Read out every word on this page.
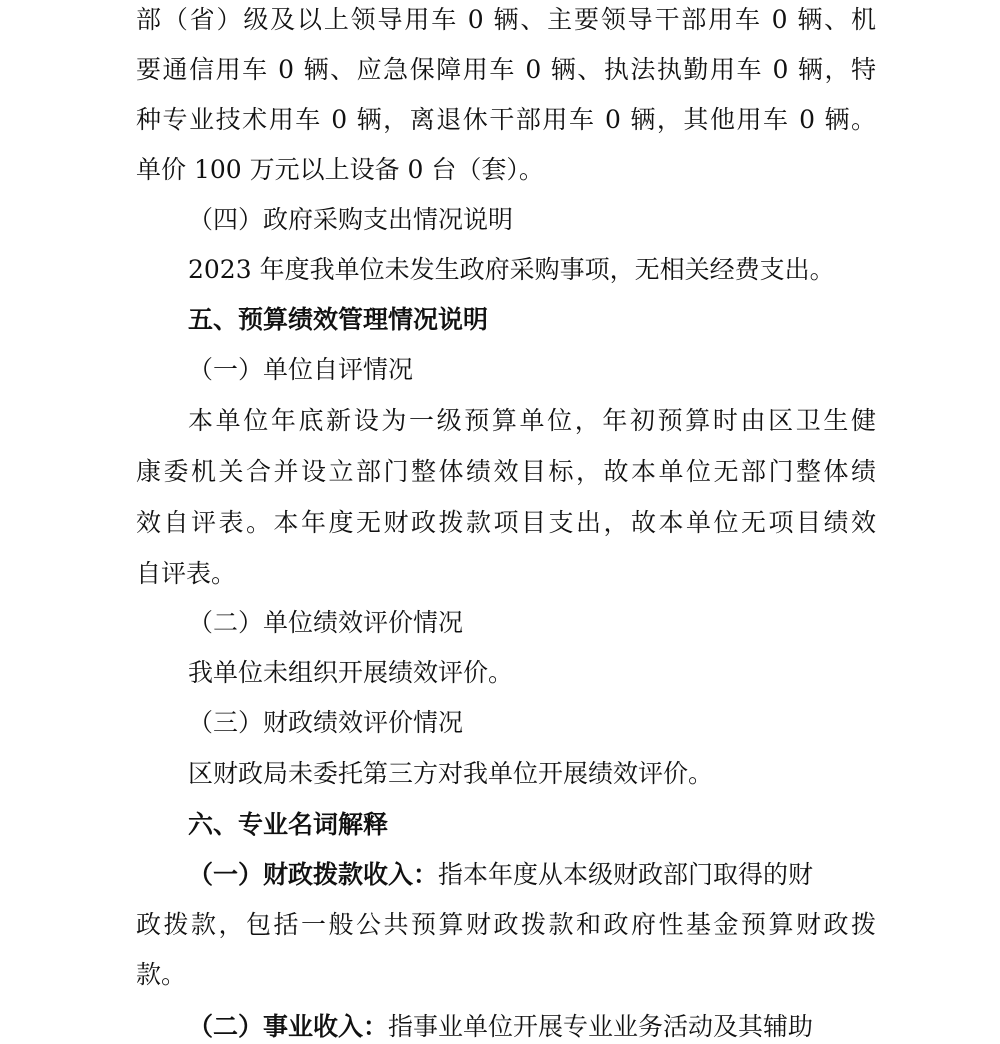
部（省）级及以上领导用车 0 辆、主要领导干部用车 0 辆、机
要通信用车 0 辆、应急保障用车 0 辆、执法执勤用车 0 辆，特
种专业技术用车 0 辆，离退休干部用车 0 辆，其他用车 0 辆。
单价 100 万元以上设备 0 台（套）。
（四）政府采购支出情况说明
2023 年度我单位未发生政府采购事项，无相关经费支出。
五、预算绩效管理情况说明
（一）单位自评情况
本单位年底新设为一级预算单位，年初预算时由区卫生健
康委机关合并设立部门整体绩效目标，故本单位无部门整体绩
效自评表。本年度无财政拨款项目支出，故本单位无项目绩效
自评表。
（二）单位绩效评价情况
我单位未组织开展绩效评价。
（三）财政绩效评价情况
区财政局未委托第三方对我单位开展绩效评价。
六、专业名词解释
（一）财政拨款收入：指本年度从本级财政部门取得的财
政拨款，包括一般公共预算财政拨款和政府性基金预算财政拨
款。
（二）事业收入：指事业单位开展专业业务活动及其辅助
